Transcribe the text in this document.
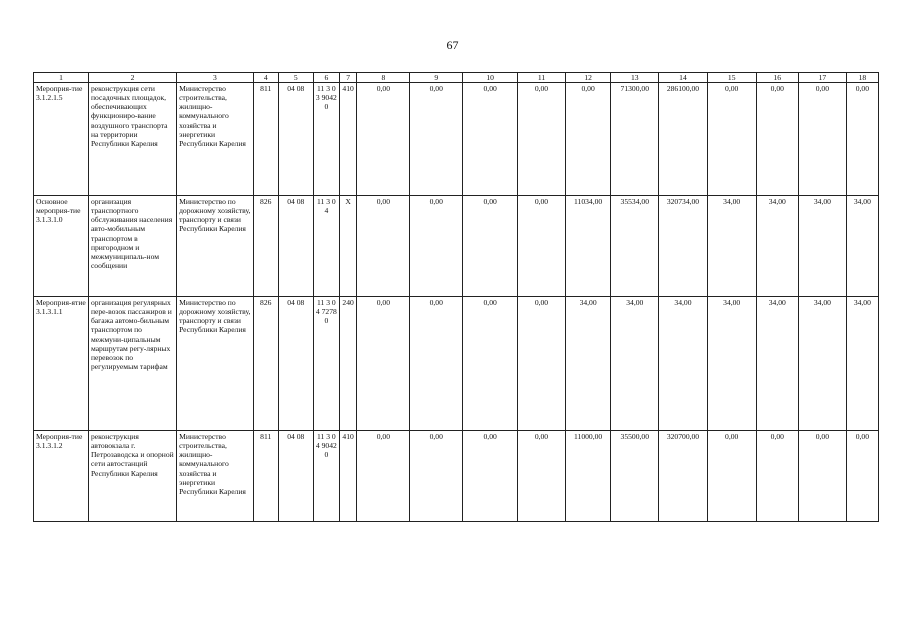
67
1	2	3	4	5	6	7	8	9	10	11	12	13	14	15	16	17	18
Мероприя-тие 3.1.2.1.5	реконструкция сети посадочных площадок, обеспечивающих функциониро-вание воздушного транспорта на территории Республики Карелия	Министерство строительства, жилищно-коммунального хозяйства и энергетики Республики Карелия	811	04 08	11 3 03 9042 0	410	0,00	0,00	0,00	0,00	0,00	71300,00	286100,00	0,00	0,00	0,00	0,00
Основное мероприя-тие 3.1.3.1.0	организация транспортного обслуживания населения авто-мобильным транспортом в пригородном и межмуниципаль-ном сообщении	Министерство по дорожному хозяйству, транспорту и связи Республики Карелия	826	04 08	11 3 04	X	0,00	0,00	0,00	0,00	11034,00	35534,00	320734,00	34,00	34,00	34,00	34,00
Мероприя-ятие 3.1.3.1.1	организация регулярных пере-возок пассажиров и багажа автомо-бильным транспортом по межмуни-ципальным маршрутам регу-лярных перевозок по регулируемым тарифам	Министерство по дорожному хозяйству, транспорту и связи Республики Карелия	826	04 08	11 3 04 7278 0	240	0,00	0,00	0,00	0,00	34,00	34,00	34,00	34,00	34,00	34,00	34,00
Мероприя-тие 3.1.3.1.2	реконструкция автовокзала г. Петрозаводска и опорной сети автостанций Республики Карелия	Министерство строительства, жилищно-коммунального хозяйства и энергетики Республики Карелия	811	04 08	11 3 04 9042 0	410	0,00	0,00	0,00	0,00	11000,00	35500,00	320700,00	0,00	0,00	0,00	0,00
